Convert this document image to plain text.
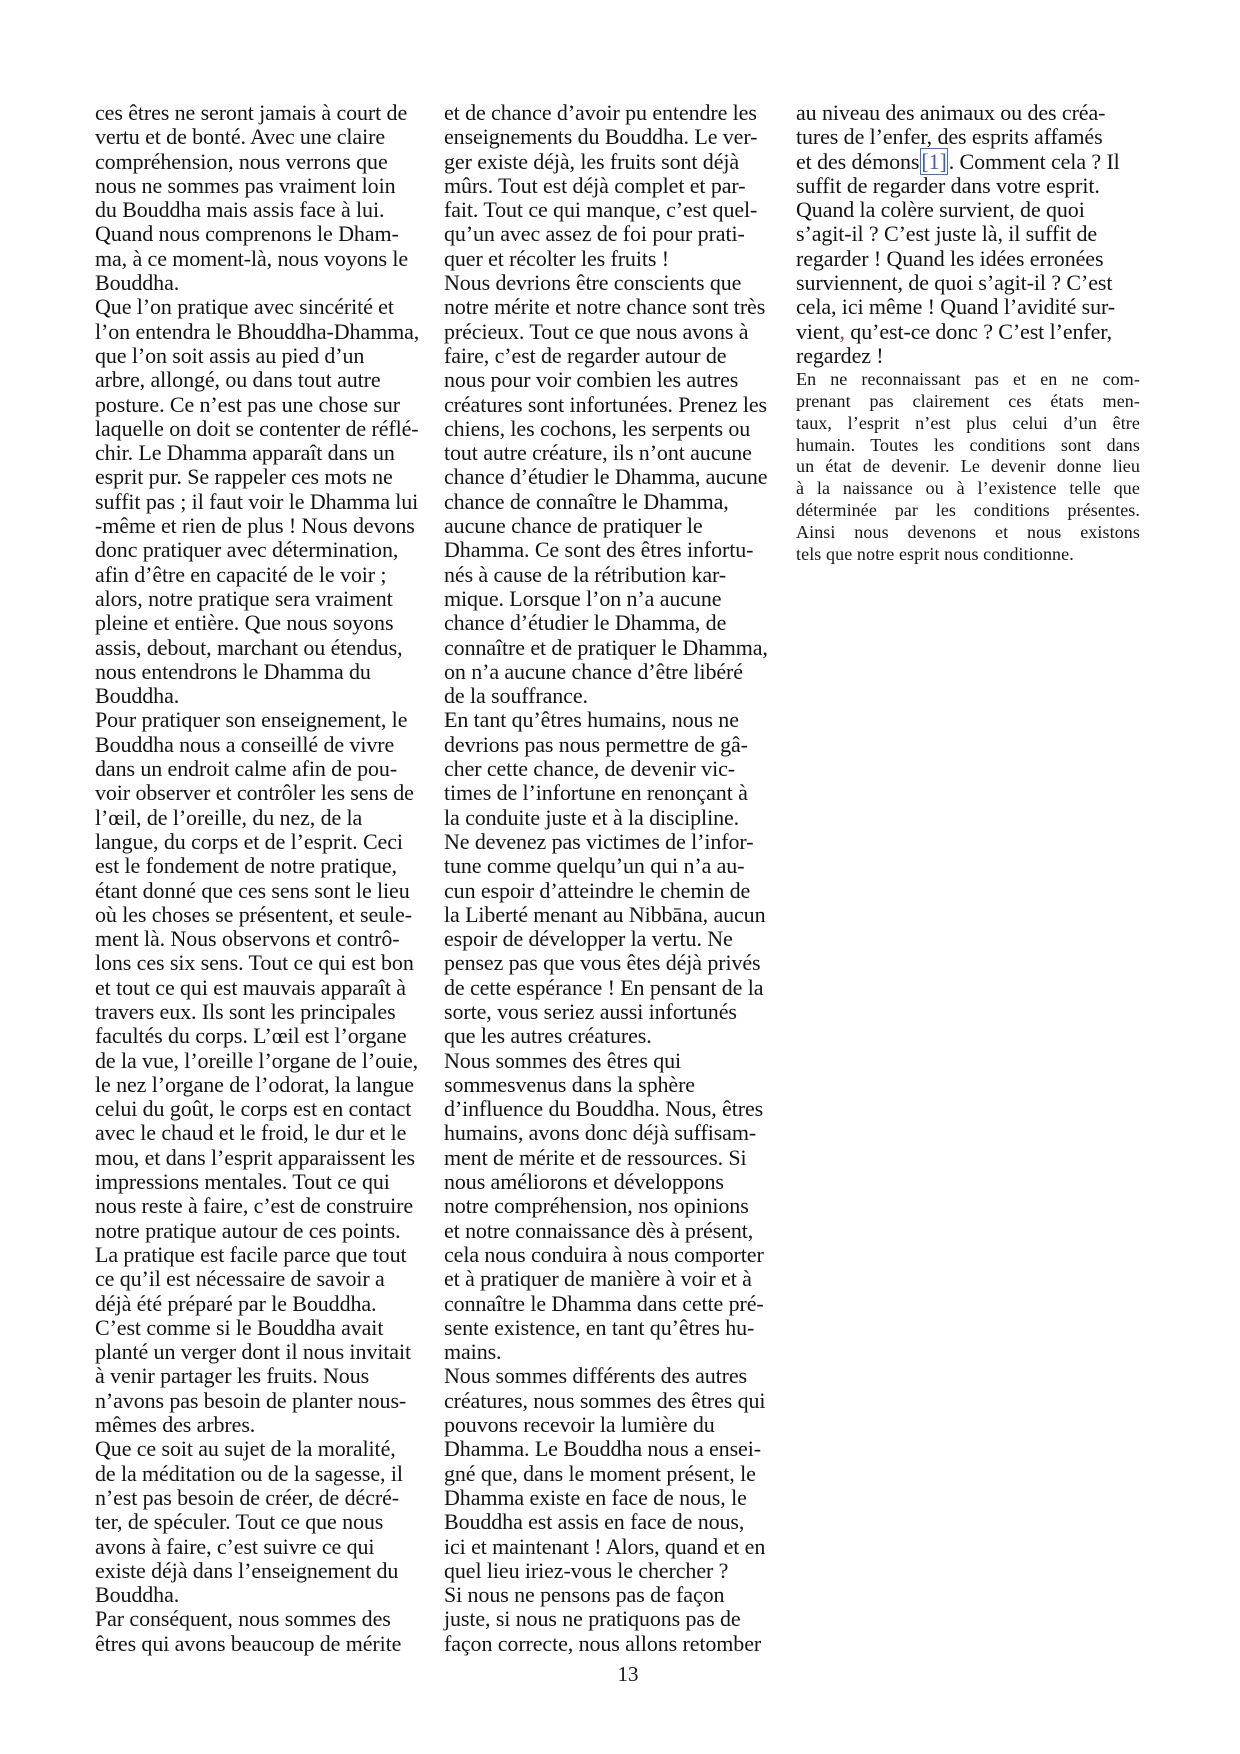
ces êtres ne seront jamais à court de
vertu et de bonté. Avec une claire
compréhension, nous verrons que
nous ne sommes pas vraiment loin
du Bouddha mais assis face à lui.
Quand nous comprenons le Dham-
ma, à ce moment-là, nous voyons le
Bouddha.
Que l’on pratique avec sincérité et
l’on entendra le Bhouddha-Dhamma,
que l’on soit assis au pied d’un
arbre, allongé, ou dans tout autre
posture. Ce n’est pas une chose sur
laquelle on doit se contenter de réflé-
chir. Le Dhamma apparaît dans un
esprit pur. Se rappeler ces mots ne
suffit pas ; il faut voir le Dhamma lui
-même et rien de plus ! Nous devons
donc pratiquer avec détermination,
afin d’être en capacité de le voir ;
alors, notre pratique sera vraiment
pleine et entière. Que nous soyons
assis, debout, marchant ou étendus,
nous entendrons le Dhamma du
Bouddha.
Pour pratiquer son enseignement, le
Bouddha nous a conseillé de vivre
dans un endroit calme afin de pou-
voir observer et contrôler les sens de
l’œil, de l’oreille, du nez, de la
langue, du corps et de l’esprit. Ceci
est le fondement de notre pratique,
étant donné que ces sens sont le lieu
où les choses se présentent, et seule-
ment là. Nous observons et contrô-
lons ces six sens. Tout ce qui est bon
et tout ce qui est mauvais apparaît à
travers eux. Ils sont les principales
facultés du corps. L’œil est l’organe
de la vue, l’oreille l’organe de l’ouie,
le nez l’organe de l’odorat, la langue
celui du goût, le corps est en contact
avec le chaud et le froid, le dur et le
mou, et dans l’esprit apparaissent les
impressions mentales. Tout ce qui
nous reste à faire, c’est de construire
notre pratique autour de ces points.
La pratique est facile parce que tout
ce qu’il est nécessaire de savoir a
déjà été préparé par le Bouddha.
C’est comme si le Bouddha avait
planté un verger dont il nous invitait
à venir partager les fruits. Nous
n’avons pas besoin de planter nous-
mêmes des arbres.
Que ce soit au sujet de la moralité,
de la méditation ou de la sagesse, il
n’est pas besoin de créer, de décré-
ter, de spéculer. Tout ce que nous
avons à faire, c’est suivre ce qui
existe déjà dans l’enseignement du
Bouddha.
Par conséquent, nous sommes des
êtres qui avons beaucoup de mérite
et de chance d’avoir pu entendre les
enseignements du Bouddha. Le ver-
ger existe déjà, les fruits sont déjà
mûrs. Tout est déjà complet et par-
fait. Tout ce qui manque, c’est quel-
qu’un avec assez de foi pour prati-
quer et récolter les fruits !
Nous devrions être conscients que
notre mérite et notre chance sont très
précieux. Tout ce que nous avons à
faire, c’est de regarder autour de
nous pour voir combien les autres
créatures sont infortunées. Prenez les
chiens, les cochons, les serpents ou
tout autre créature, ils n’ont aucune
chance d’étudier le Dhamma, aucune
chance de connaître le Dhamma,
aucune chance de pratiquer le
Dhamma. Ce sont des êtres infortu-
nés à cause de la rétribution kar-
mique. Lorsque l’on n’a aucune
chance d’étudier le Dhamma, de
connaître et de pratiquer le Dhamma,
on n’a aucune chance d’être libéré
de la souffrance.
En tant qu’êtres humains, nous ne
devrions pas nous permettre de gâ-
cher cette chance, de devenir vic-
times de l’infortune en renonçant à
la conduite juste et à la discipline.
Ne devenez pas victimes de l’infor-
tune comme quelqu’un qui n’a au-
cun espoir d’atteindre le chemin de
la Liberté menant au Nibbāna, aucun
espoir de développer la vertu. Ne
pensez pas que vous êtes déjà privés
de cette espérance ! En pensant de la
sorte, vous seriez aussi infortunés
que les autres créatures.
Nous sommes des êtres qui
sommesvenus dans la sphère
d’influence du Bouddha. Nous, êtres
humains, avons donc déjà suffisam-
ment de mérite et de ressources. Si
nous améliorons et développons
notre compréhension, nos opinions
et notre connaissance dès à présent,
cela nous conduira à nous comporter
et à pratiquer de manière à voir et à
connaître le Dhamma dans cette pré-
sente existence, en tant qu’êtres hu-
mains.
Nous sommes différents des autres
créatures, nous sommes des êtres qui
pouvons recevoir la lumière du
Dhamma. Le Bouddha nous a ensei-
gné que, dans le moment présent, le
Dhamma existe en face de nous, le
Bouddha est assis en face de nous,
ici et maintenant ! Alors, quand et en
quel lieu iriez-vous le chercher ?
Si nous ne pensons pas de façon
juste, si nous ne pratiquons pas de
façon correcte, nous allons retomber
au niveau des animaux ou des créa-
tures de l’enfer, des esprits affamés
et des démons[1]. Comment cela ? Il
suffit de regarder dans votre esprit.
Quand la colère survient, de quoi
s’agit-il ? C’est juste là, il suffit de
regarder ! Quand les idées erronées
surviennent, de quoi s’agit-il ? C’est
cela, ici même ! Quand l’avidité sur-
vient, qu’est-ce donc ? C’est l’enfer,
regardez !
En ne reconnaissant pas et en ne com-
prenant pas clairement ces états men-
taux, l’esprit n’est plus celui d’un être
humain. Toutes les conditions sont dans
un état de devenir. Le devenir donne lieu
à la naissance ou à l’existence telle que
déterminée par les conditions présentes.
Ainsi nous devenons et nous existons
tels que notre esprit nous conditionne.
13
